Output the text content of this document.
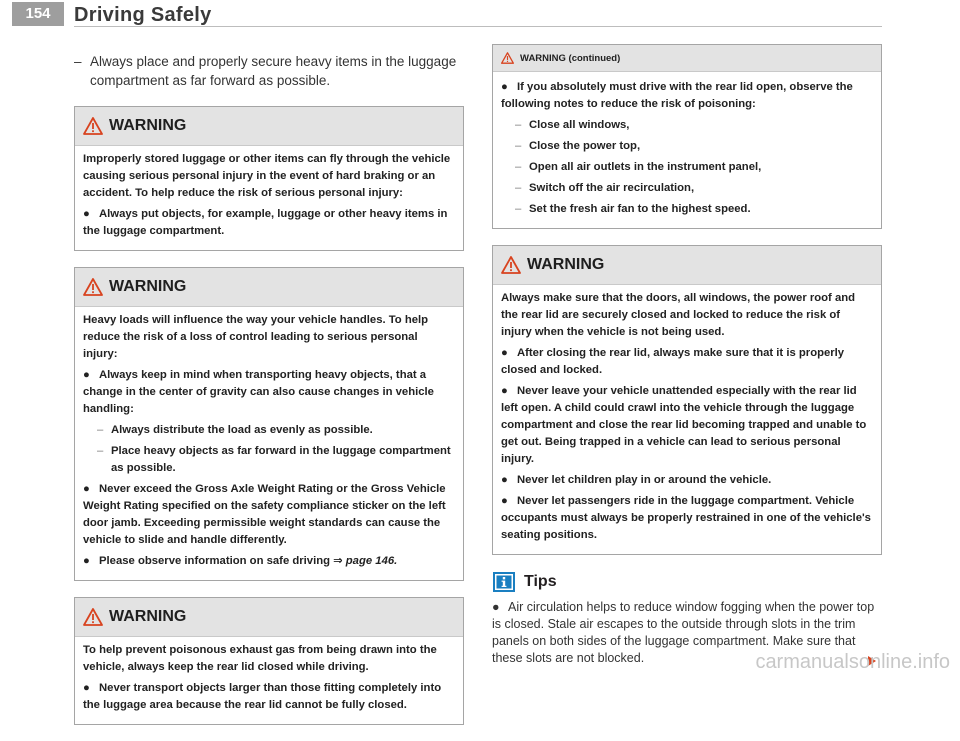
154	Driving Safely
– Always place and properly secure heavy items in the luggage compartment as far forward as possible.
WARNING

Improperly stored luggage or other items can fly through the vehicle causing serious personal injury in the event of hard braking or an accident. To help reduce the risk of serious personal injury:

● Always put objects, for example, luggage or other heavy items in the luggage compartment.
WARNING

Heavy loads will influence the way your vehicle handles. To help reduce the risk of a loss of control leading to serious personal injury:

● Always keep in mind when transporting heavy objects, that a change in the center of gravity can also cause changes in vehicle handling:
– Always distribute the load as evenly as possible.
– Place heavy objects as far forward in the luggage compartment as possible.
● Never exceed the Gross Axle Weight Rating or the Gross Vehicle Weight Rating specified on the safety compliance sticker on the left door jamb. Exceeding permissible weight standards can cause the vehicle to slide and handle differently.
● Please observe information on safe driving ⇒ page 146.
WARNING

To help prevent poisonous exhaust gas from being drawn into the vehicle, always keep the rear lid closed while driving.

● Never transport objects larger than those fitting completely into the luggage area because the rear lid cannot be fully closed.
WARNING (continued)
● If you absolutely must drive with the rear lid open, observe the following notes to reduce the risk of poisoning:
– Close all windows,
– Close the power top,
– Open all air outlets in the instrument panel,
– Switch off the air recirculation,
– Set the fresh air fan to the highest speed.
WARNING

Always make sure that the doors, all windows, the power roof and the rear lid are securely closed and locked to reduce the risk of injury when the vehicle is not being used.

● After closing the rear lid, always make sure that it is properly closed and locked.
● Never leave your vehicle unattended especially with the rear lid left open. A child could crawl into the vehicle through the luggage compartment and close the rear lid becoming trapped and unable to get out. Being trapped in a vehicle can lead to serious personal injury.
● Never let children play in or around the vehicle.
● Never let passengers ride in the luggage compartment. Vehicle occupants must always be properly restrained in one of the vehicle's seating positions.
Tips
● Air circulation helps to reduce window fogging when the power top is closed. Stale air escapes to the outside through slots in the trim panels on both sides of the luggage compartment. Make sure that these slots are not blocked.	carmanualsonline.info
